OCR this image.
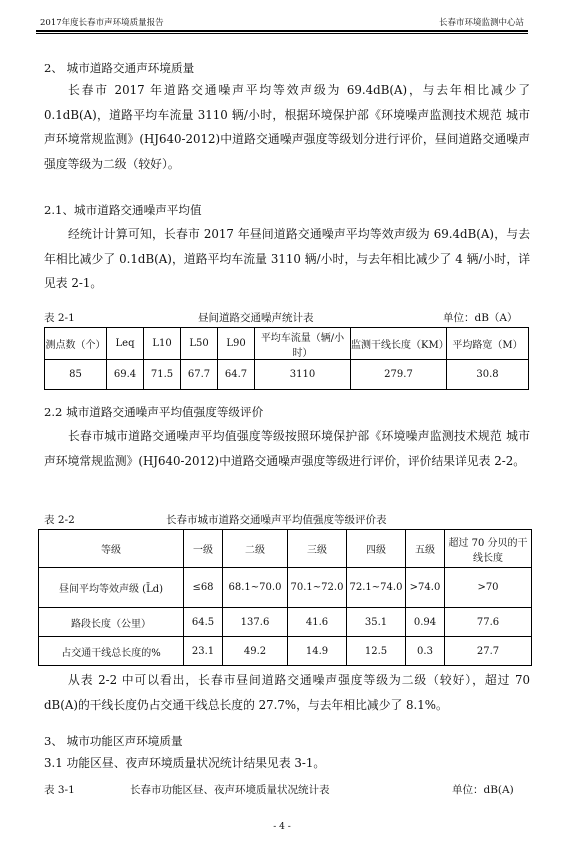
2017年度长春市声环境质量报告	长春市环境监测中心站
2、 城市道路交通声环境质量
长春市 2017 年道路交通噪声平均等效声级为 69.4dB(A)，与去年相比减少了 0.1dB(A)，道路平均车流量 3110 辆/小时，根据环境保护部《环境噪声监测技术规范 城市声环境常规监测》(HJ640-2012)中道路交通噪声强度等级划分进行评价，昼间道路交通噪声强度等级为二级（较好）。
2.1、城市道路交通噪声平均值
经统计计算可知，长春市 2017 年昼间道路交通噪声平均等效声级为 69.4dB(A)，与去年相比减少了 0.1dB(A)，道路平均车流量 3110 辆/小时，与去年相比减少了 4 辆/小时，详见表 2-1。
表 2-1	昼间道路交通噪声统计表	单位：dB（A）
测点数（个）	Leq	L10	L50	L90	平均车流量（辆/小时）	监测干线长度（KM）	平均路宽（M）
85	69.4	71.5	67.7	64.7	3110	279.7	30.8
2.2 城市道路交通噪声平均值强度等级评价
长春市城市道路交通噪声平均值强度等级按照环境保护部《环境噪声监测技术规范 城市声环境常规监测》(HJ640-2012)中道路交通噪声强度等级进行评价，评价结果详见表 2-2。
表 2-2	长春市城市道路交通噪声平均值强度等级评价表
等级	一级	二级	三级	四级	五级	超过 70 分贝的干线长度
昼间平均等效声级 (L̄d)	≤68	68.1~70.0	70.1~72.0	72.1~74.0	>74.0	>70
路段长度（公里）	64.5	137.6	41.6	35.1	0.94	77.6
占交通干线总长度的%	23.1	49.2	14.9	12.5	0.3	27.7
从表 2-2 中可以看出，长春市昼间道路交通噪声强度等级为二级（较好），超过 70 dB(A)的干线长度仍占交通干线总长度的 27.7%，与去年相比减少了 8.1%。
3、 城市功能区声环境质量
3.1 功能区昼、夜声环境质量状况统计结果见表 3-1。
表 3-1	长春市功能区昼、夜声环境质量状况统计表	单位：dB(A)
- 4 -
